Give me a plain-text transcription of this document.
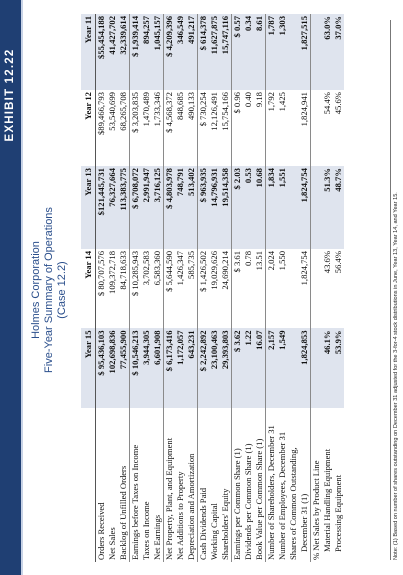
EXHIBIT 12.22
Holmes Corporation Five-Year Summary of Operations (Case 12.2)
	Year 15	Year 14	Year 13	Year 12	Year 11
Orders Received	$ 95,436,103	$ 80,707,576	$121,445,731	$89,466,793	$55,454,188
Net Sales	102,698,836	109,372,718	76,327,664	53,540,699	41,427,702
Backlog of Unfilled Orders	77,455,900	84,718,633	113,383,775	68,265,708	32,339,614
Earnings before Taxes on Income	$ 10,546,213	$ 10,285,943	$ 6,708,072	$ 3,203,835	$ 1,939,414
Taxes on Income	3,944,305	3,702,583	2,991,947	1,470,489	894,257
Net Earnings	6,601,908	6,583,360	3,716,125	1,733,346	1,045,157
Net Property, Plant, and Equipment	$ 6,173,416	$ 5,644,590	$ 4,803,978	$ 4,568,372	$ 4,209,396
Net Additions to Property	1,172,057	1,426,347	748,791	848,685	346,549
Depreciation and Amortization	643,231	585,735	513,402	490,133	491,217
Cash Dividends Paid	$ 2,242,892	$ 1,426,502	$ 963,935	$ 730,254	$ 614,378
Working Capital	23,100,463	19,029,626	14,796,931	12,126,491	11,627,875
Shareholders' Equity	29,393,803	24,690,214	19,514,358	15,754,166	15,747,116
Earnings per Common Share (1)	$ 3.62	$ 3.61	$ 2.03	$ 0.96	$ 0.57
Dividends per Common Share (1)	1.22	0.78	0.53	0.40	0.34
Book Value per Common Share (1)	16.07	13.51	10.68	9.18	8.61
Number of Shareholders, December 31	2,157	2,024	1,834	1,792	1,787
Number of Employees, December 31	1,549	1,550	1,551	1,425	1,303
Shares of Common Outstanding,					
December 31 (1)	1,824,853	1,824,754	1,824,754	1,824,941	1,827,515
% Net Sales by Product Line					
Material Handling Equipment	46.1%	43.6%	51.3%	54.4%	63.0%
Processing Equipment	53.9%	56.4%	48.7%	45.6%	37.0%
Note: (1) Based on number of shares outstanding on December 31 adjusted for the 3-for-4 stock distributions in June, Year 13, Year 14, and Year 15.
